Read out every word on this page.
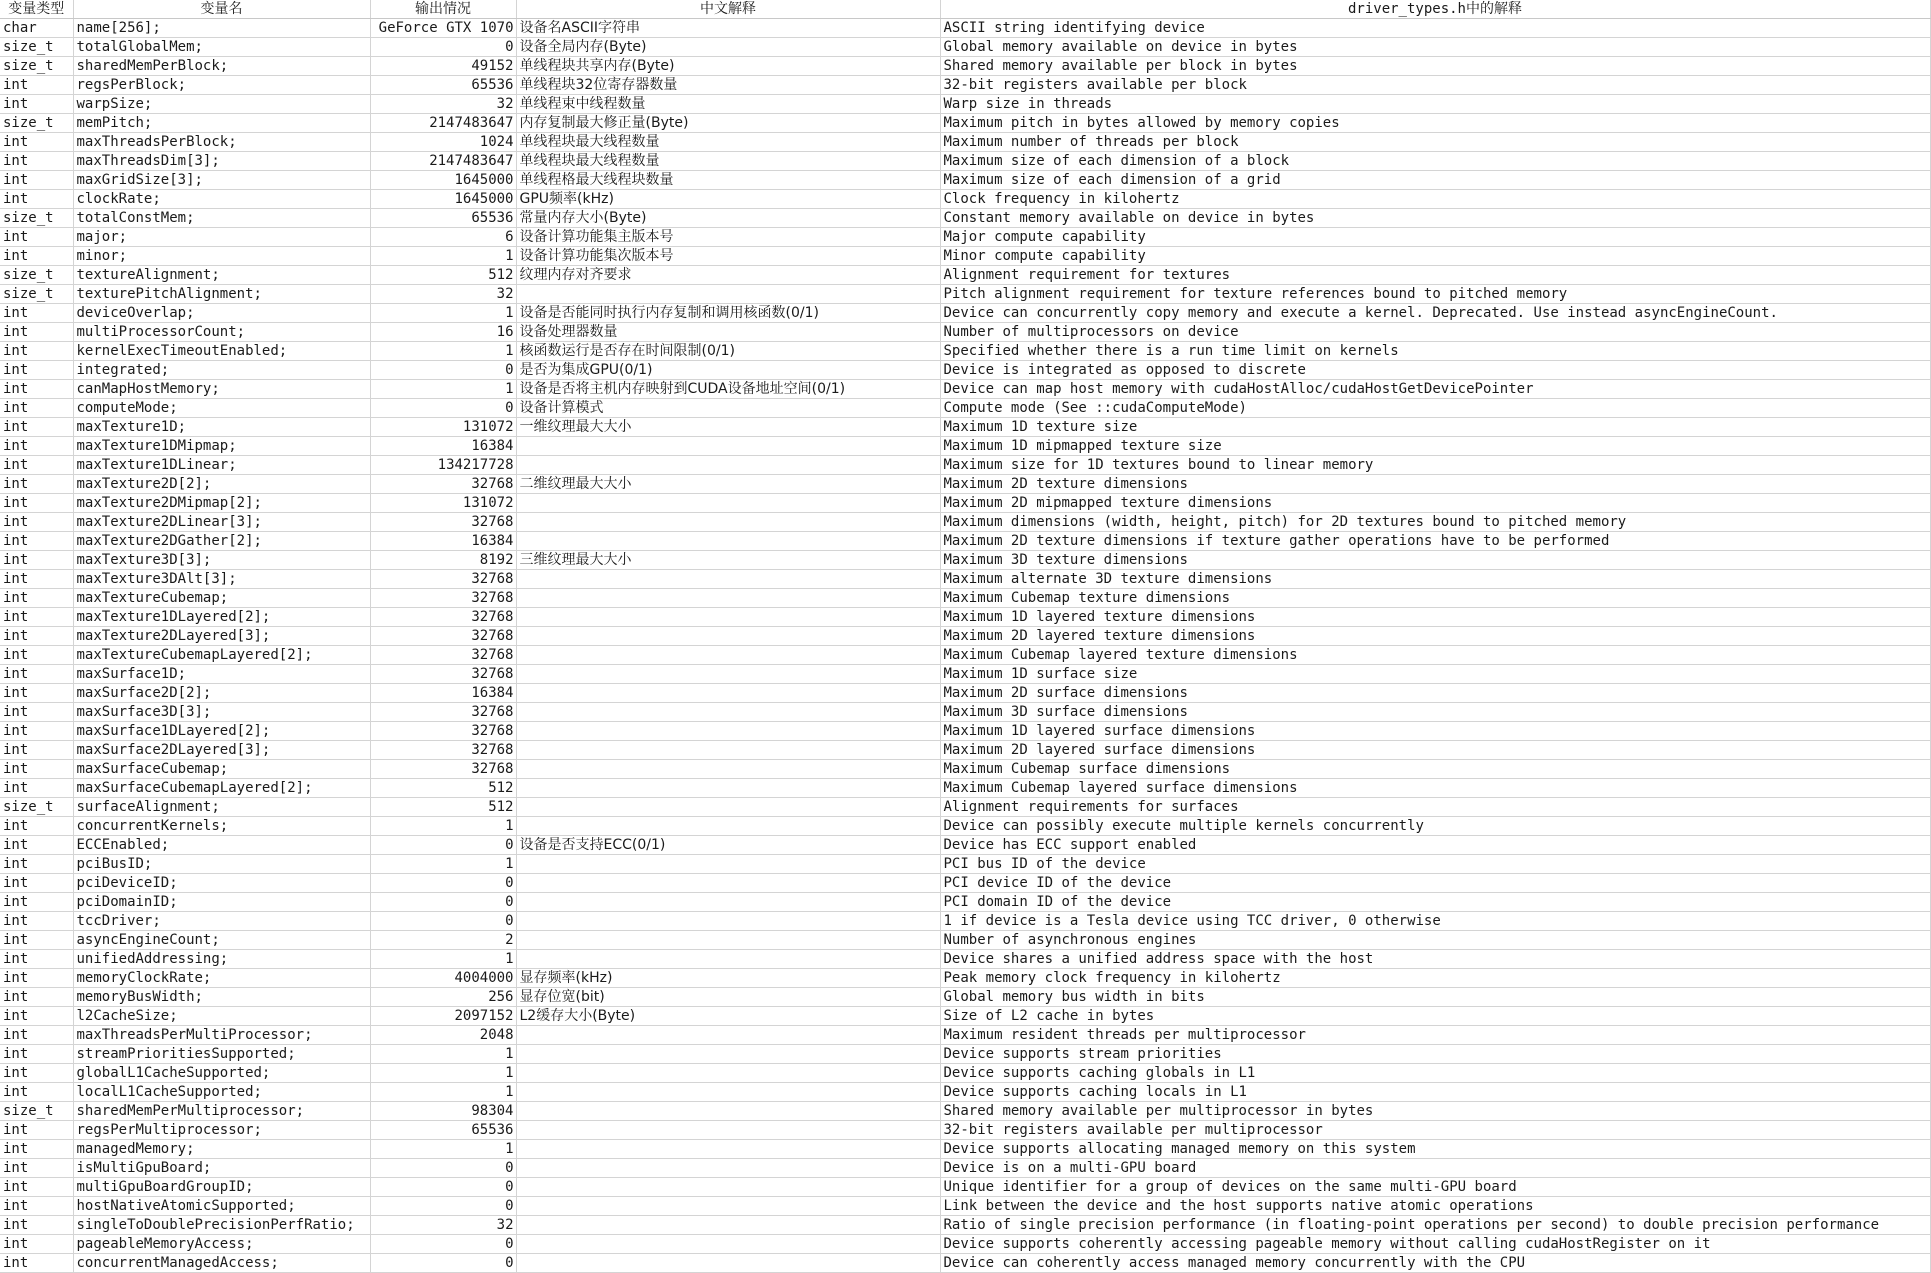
变量类型	变量名	输出情况	中文解释	driver_types.h中的解释
char	name[256];	GeForce GTX 1070	设备名ASCII字符串	ASCII string identifying device
size_t	totalGlobalMem;	0	设备全局内存(Byte)	Global memory available on device in bytes
size_t	sharedMemPerBlock;	49152	单线程块共享内存(Byte)	Shared memory available per block in bytes
int	regsPerBlock;	65536	单线程块32位寄存器数量	32-bit registers available per block
int	warpSize;	32	单线程束中线程数量	Warp size in threads
size_t	memPitch;	2147483647	内存复制最大修正量(Byte)	Maximum pitch in bytes allowed by memory copies
int	maxThreadsPerBlock;	1024	单线程块最大线程数量	Maximum number of threads per block
int	maxThreadsDim[3];	2147483647	单线程块最大线程数量	Maximum size of each dimension of a block
int	maxGridSize[3];	1645000	单线程格最大线程块数量	Maximum size of each dimension of a grid
int	clockRate;	1645000	GPU频率(kHz)	Clock frequency in kilohertz
size_t	totalConstMem;	65536	常量内存大小(Byte)	Constant memory available on device in bytes
int	major;	6	设备计算功能集主版本号	Major compute capability
int	minor;	1	设备计算功能集次版本号	Minor compute capability
size_t	textureAlignment;	512	纹理内存对齐要求	Alignment requirement for textures
size_t	texturePitchAlignment;	32		Pitch alignment requirement for texture references bound to pitched memory
int	deviceOverlap;	1	设备是否能同时执行内存复制和调用核函数(0/1)	Device can concurrently copy memory and execute a kernel. Deprecated. Use instead asyncEngineCount.
int	multiProcessorCount;	16	设备处理器数量	Number of multiprocessors on device
int	kernelExecTimeoutEnabled;	1	核函数运行是否存在时间限制(0/1)	Specified whether there is a run time limit on kernels
int	integrated;	0	是否为集成GPU(0/1)	Device is integrated as opposed to discrete
int	canMapHostMemory;	1	设备是否将主机内存映射到CUDA设备地址空间(0/1)	Device can map host memory with cudaHostAlloc/cudaHostGetDevicePointer
int	computeMode;	0	设备计算模式	Compute mode (See ::cudaComputeMode)
int	maxTexture1D;	131072	一维纹理最大大小	Maximum 1D texture size
int	maxTexture1DMipmap;	16384		Maximum 1D mipmapped texture size
int	maxTexture1DLinear;	134217728		Maximum size for 1D textures bound to linear memory
int	maxTexture2D[2];	32768	二维纹理最大大小	Maximum 2D texture dimensions
int	maxTexture2DMipmap[2];	131072		Maximum 2D mipmapped texture dimensions
int	maxTexture2DLinear[3];	32768		Maximum dimensions (width, height, pitch) for 2D textures bound to pitched memory
int	maxTexture2DGather[2];	16384		Maximum 2D texture dimensions if texture gather operations have to be performed
int	maxTexture3D[3];	8192	三维纹理最大大小	Maximum 3D texture dimensions
int	maxTexture3DAlt[3];	32768		Maximum alternate 3D texture dimensions
int	maxTextureCubemap;	32768		Maximum Cubemap texture dimensions
int	maxTexture1DLayered[2];	32768		Maximum 1D layered texture dimensions
int	maxTexture2DLayered[3];	32768		Maximum 2D layered texture dimensions
int	maxTextureCubemapLayered[2];	32768		Maximum Cubemap layered texture dimensions
int	maxSurface1D;	32768		Maximum 1D surface size
int	maxSurface2D[2];	16384		Maximum 2D surface dimensions
int	maxSurface3D[3];	32768		Maximum 3D surface dimensions
int	maxSurface1DLayered[2];	32768		Maximum 1D layered surface dimensions
int	maxSurface2DLayered[3];	32768		Maximum 2D layered surface dimensions
int	maxSurfaceCubemap;	32768		Maximum Cubemap surface dimensions
int	maxSurfaceCubemapLayered[2];	512		Maximum Cubemap layered surface dimensions
size_t	surfaceAlignment;	512		Alignment requirements for surfaces
int	concurrentKernels;	1		Device can possibly execute multiple kernels concurrently
int	ECCEnabled;	0	设备是否支持ECC(0/1)	Device has ECC support enabled
int	pciBusID;	1		PCI bus ID of the device
int	pciDeviceID;	0		PCI device ID of the device
int	pciDomainID;	0		PCI domain ID of the device
int	tccDriver;	0		1 if device is a Tesla device using TCC driver, 0 otherwise
int	asyncEngineCount;	2		Number of asynchronous engines
int	unifiedAddressing;	1		Device shares a unified address space with the host
int	memoryClockRate;	4004000	显存频率(kHz)	Peak memory clock frequency in kilohertz
int	memoryBusWidth;	256	显存位宽(bit)	Global memory bus width in bits
int	l2CacheSize;	2097152	L2缓存大小(Byte)	Size of L2 cache in bytes
int	maxThreadsPerMultiProcessor;	2048		Maximum resident threads per multiprocessor
int	streamPrioritiesSupported;	1		Device supports stream priorities
int	globalL1CacheSupported;	1		Device supports caching globals in L1
int	localL1CacheSupported;	1		Device supports caching locals in L1
size_t	sharedMemPerMultiprocessor;	98304		Shared memory available per multiprocessor in bytes
int	regsPerMultiprocessor;	65536		32-bit registers available per multiprocessor
int	managedMemory;	1		Device supports allocating managed memory on this system
int	isMultiGpuBoard;	0		Device is on a multi-GPU board
int	multiGpuBoardGroupID;	0		Unique identifier for a group of devices on the same multi-GPU board
int	hostNativeAtomicSupported;	0		Link between the device and the host supports native atomic operations
int	singleToDoublePrecisionPerfRatio;	32		Ratio of single precision performance (in floating-point operations per second) to double precision performance
int	pageableMemoryAccess;	0		Device supports coherently accessing pageable memory without calling cudaHostRegister on it
int	concurrentManagedAccess;	0		Device can coherently access managed memory concurrently with the CPU
